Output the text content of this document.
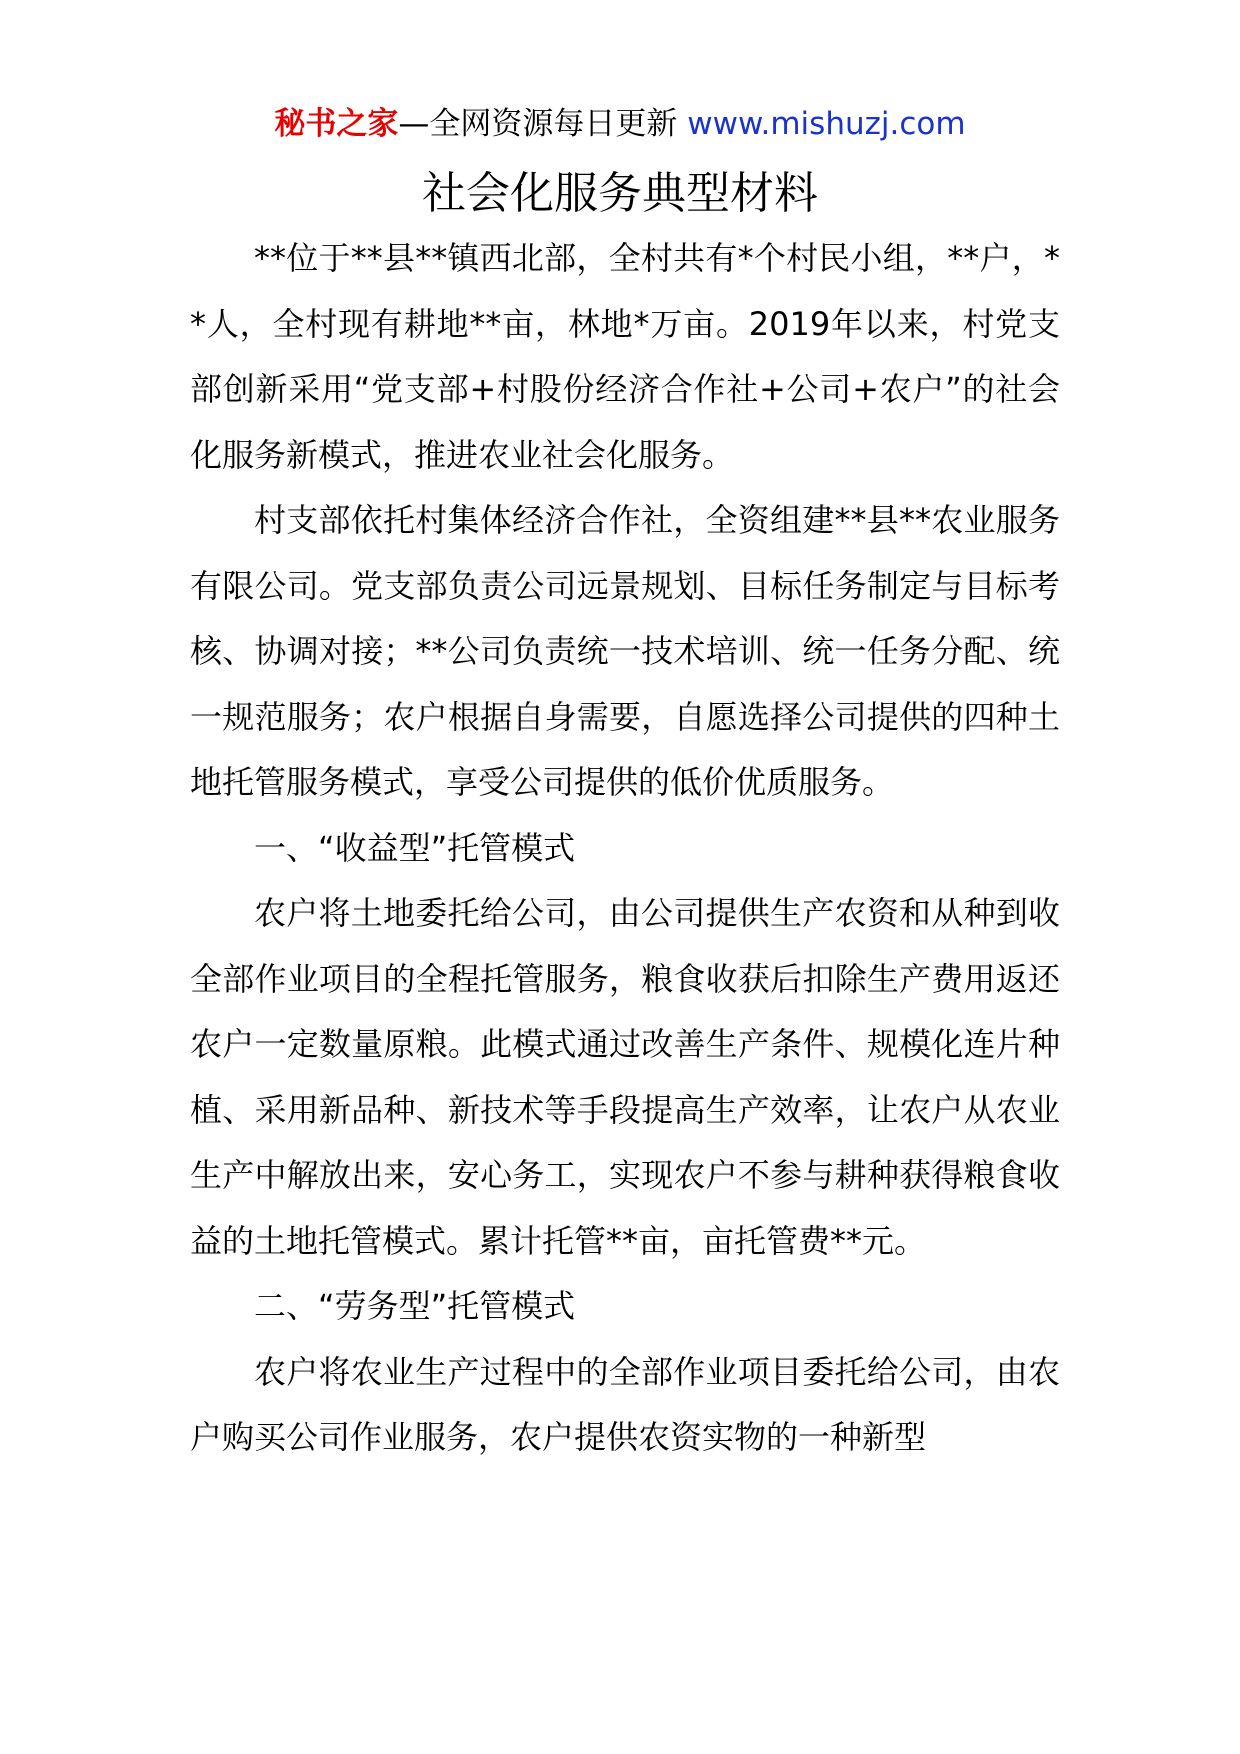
秘书之家—全网资源每日更新 www.mishuzj.com
社会化服务典型材料

**位于**县**镇西北部，全村共有*个村民小组，**户，**人，全村现有耕地**亩，林地*万亩。2019年以来，村党支部创新采用“党支部+村股份经济合作社+公司+农户”的社会化服务新模式，推进农业社会化服务。

村支部依托村集体经济合作社，全资组建**县**农业服务有限公司。党支部负责公司远景规划、目标任务制定与目标考核、协调对接；**公司负责统一技术培训、统一任务分配、统一规范服务；农户根据自身需要，自愿选择公司提供的四种土地托管服务模式，享受公司提供的低价优质服务。

一、“收益型”托管模式

农户将土地委托给公司，由公司提供生产农资和从种到收全部作业项目的全程托管服务，粮食收获后扣除生产费用返还农户一定数量原粮。此模式通过改善生产条件、规模化连片种植、采用新品种、新技术等手段提高生产效率，让农户从农业生产中解放出来，安心务工，实现农户不参与耕种获得粮食收益的土地托管模式。累计托管**亩，亩托管费**元。

二、“劳务型”托管模式

农户将农业生产过程中的全部作业项目委托给公司，由农户购买公司作业服务，农户提供农资实物的一种新型
